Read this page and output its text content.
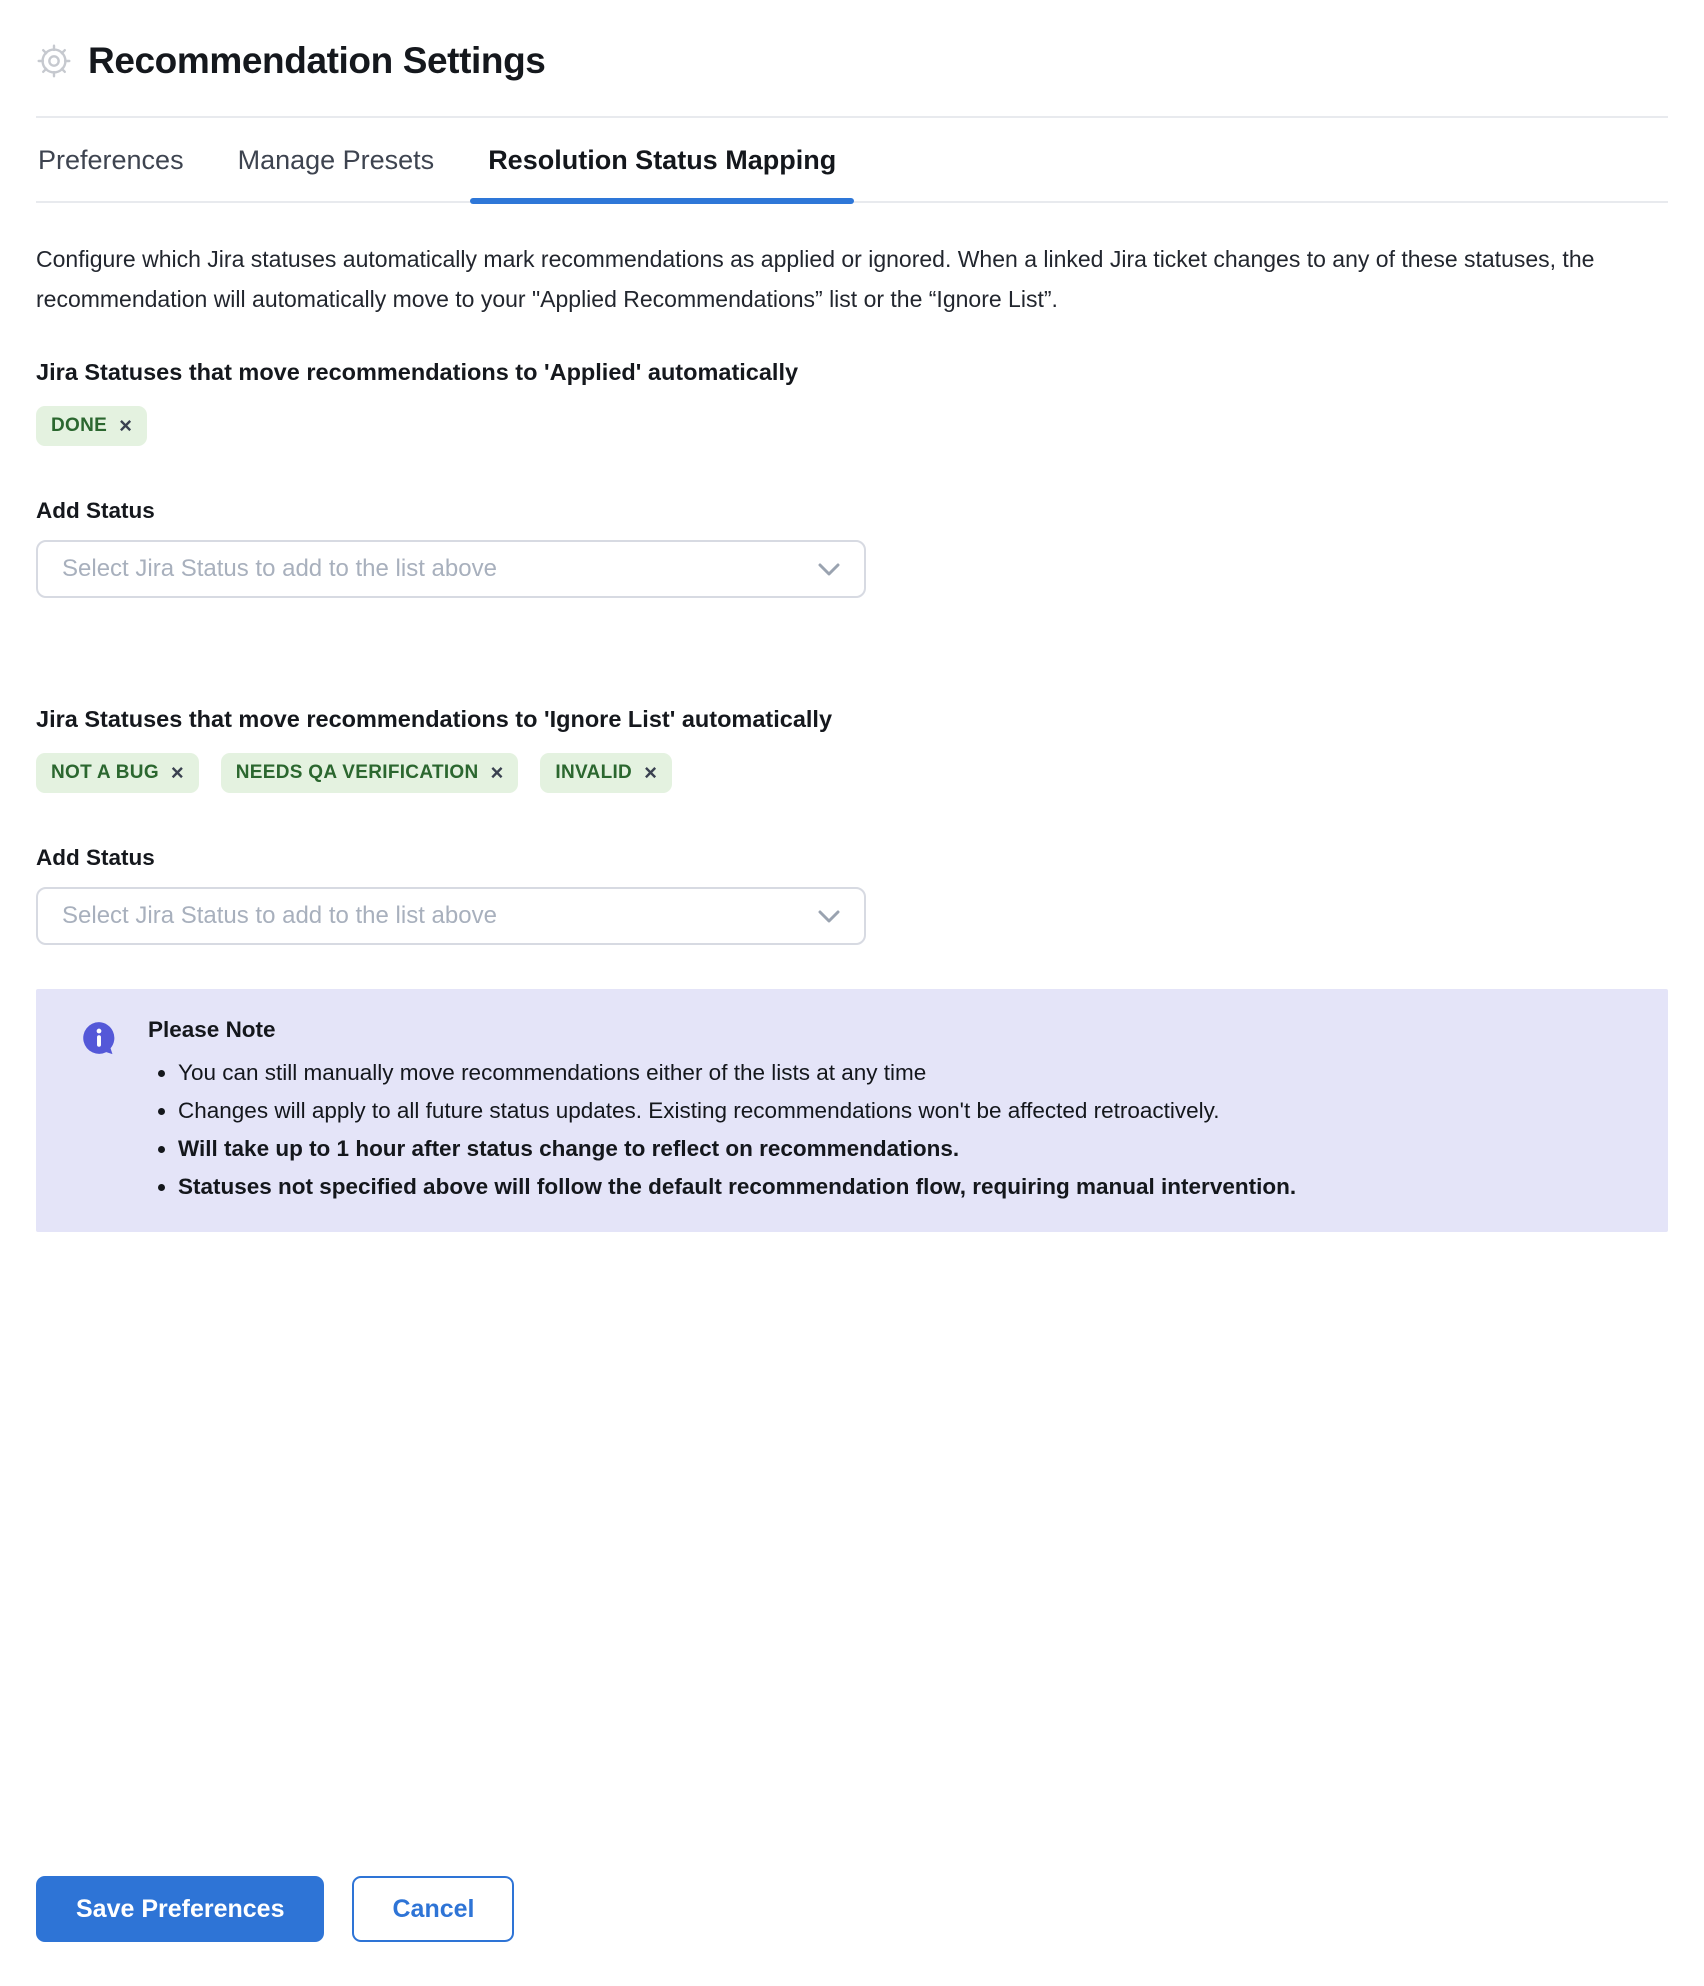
Recommendation Settings
Preferences Manage Presets Resolution Status Mapping

Configure which Jira statuses automatically mark recommendations as applied or ignored. When a linked Jira ticket changes to any of these statuses, the recommendation will automatically move to your "Applied Recommendations” list or the “Ignore List”.

Jira Statuses that move recommendations to 'Applied' automatically
DONE ×
Add Status
Select Jira Status to add to the list above
Jira Statuses that move recommendations to 'Ignore List' automatically
NOT A BUG ×	NEEDS QA VERIFICATION ×	INVALID ×
Add Status
Select Jira Status to add to the list above
Please Note
• You can still manually move recommendations either of the lists at any time
• Changes will apply to all future status updates. Existing recommendations won't be affected retroactively.
• Will take up to 1 hour after status change to reflect on recommendations.
• Statuses not specified above will follow the default recommendation flow, requiring manual intervention.
Save Preferences	Cancel
